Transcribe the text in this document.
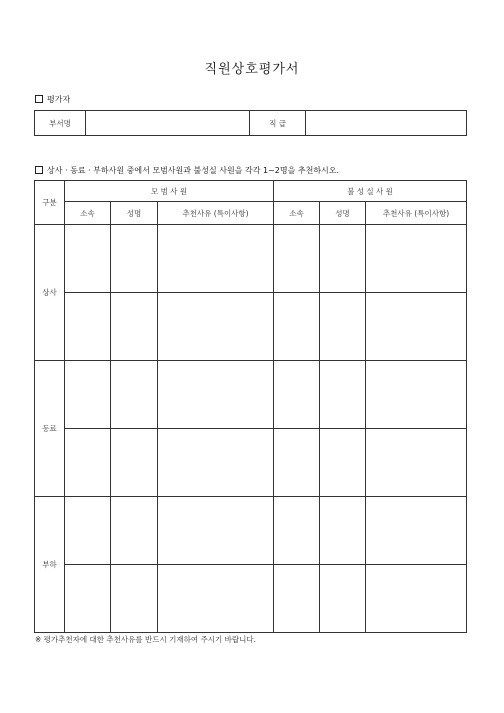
직원상호평가서
평가자
부서명		직 급	
상사 · 동료 · 부하사원 중에서 모범사원과 불성실 사원을 각각 1~2명을 추천하시오.
구분	모 범 사 원			불 성 실 사 원		
	소속	성명	추천사유 (특이사항)	소속	성명	추천사유 (특이사항)
상사						

동료						

부하						

※ 평가추천자에 대한 추천사유를 반드시 기재하여 주시기 바랍니다.
